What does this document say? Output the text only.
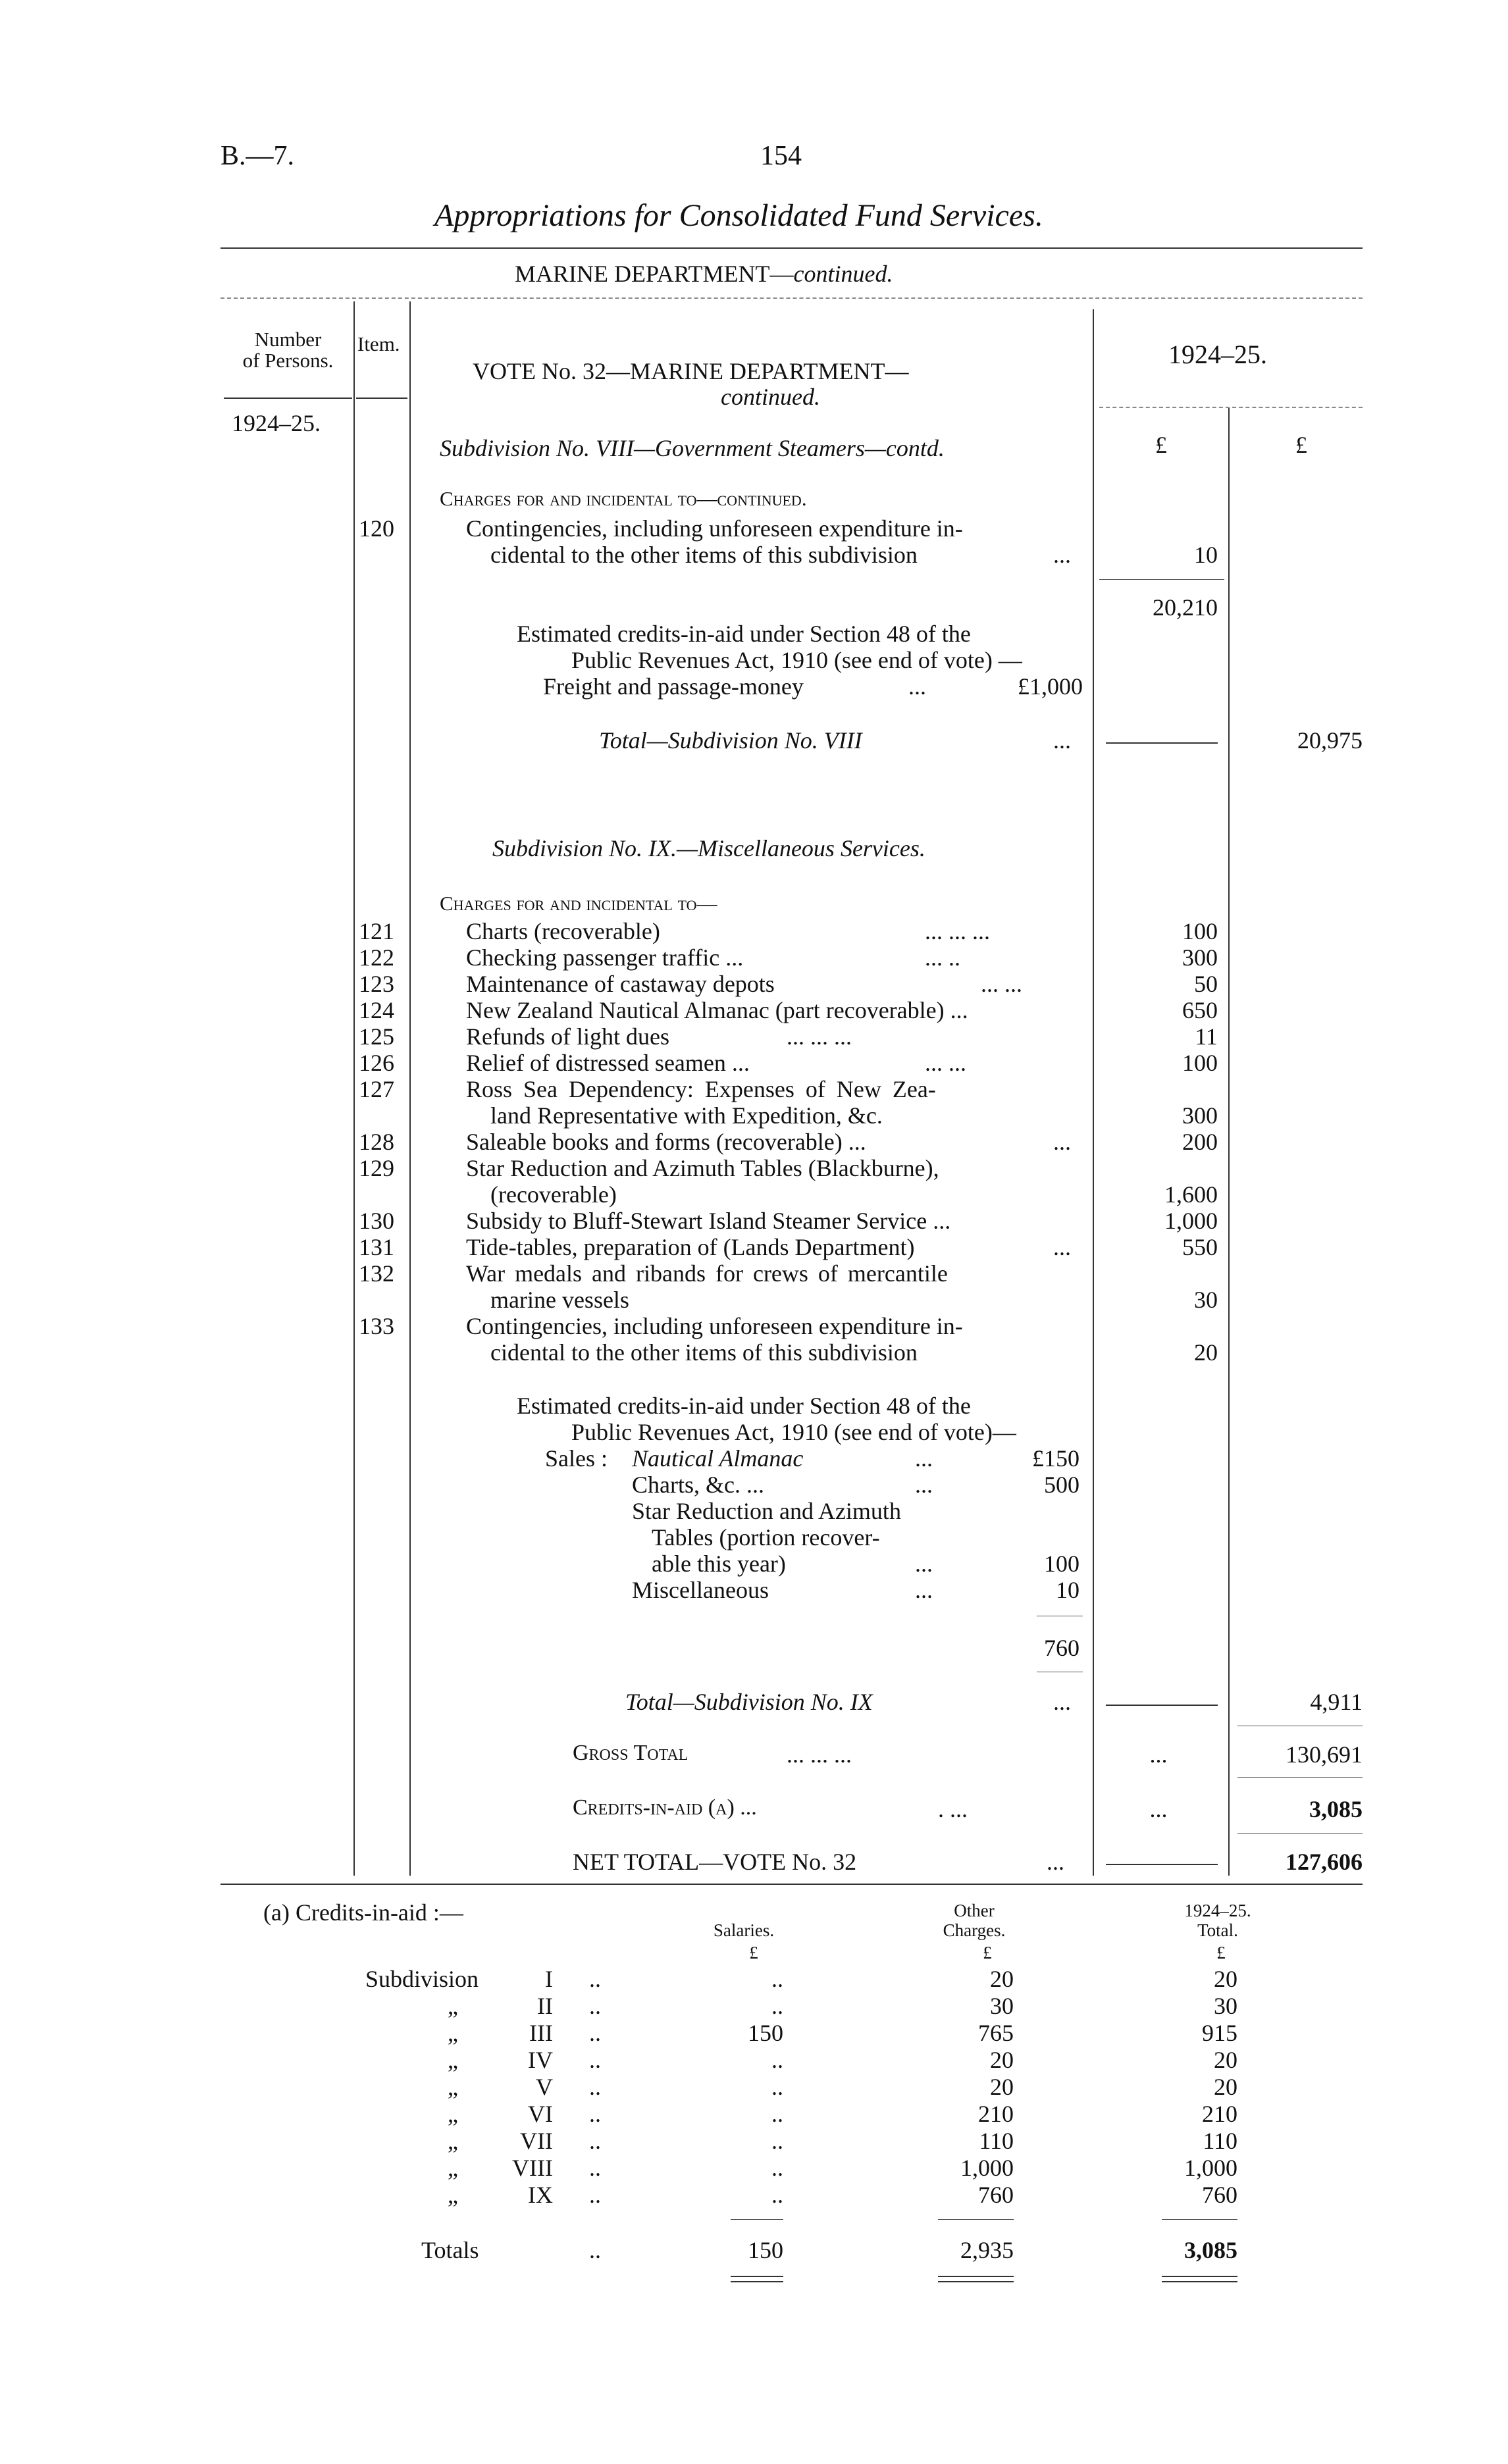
B.—7.	154
Appropriations for Consolidated Fund Services.
MARINE DEPARTMENT—continued.
Number
of Persons.
Item.
1924–25.
1924–25.
£	£
VOTE No. 32—MARINE DEPARTMENT—
continued.
Subdivision No. VIII—Government Steamers—contd.
Charges for and incidental to—continued.
120	Contingencies, including unforeseen expenditure in-
cidental to the other items of this subdivision	...	10
20,210
Estimated credits-in-aid under Section 48 of the
Public Revenues Act, 1910 (see end of vote) —
Freight and passage-money	...	£1,000
Total—Subdivision No. VIII	...	20,975
Subdivision No. IX.—Miscellaneous Services.
Charges for and incidental to—
121	Charts (recoverable)	... ... ...	100
122	Checking passenger traffic ...	... ..	300
123	Maintenance of castaway depots	... ...	50
124	New Zealand Nautical Almanac (part recoverable) ...	650
125	Refunds of light dues	... ... ...	11
126	Relief of distressed seamen ...	... ...	100
127	Ross Sea Dependency: Expenses of New Zea-
land Representative with Expedition, &c.	300
128	Saleable books and forms (recoverable) ...	...	200
129	Star Reduction and Azimuth Tables (Blackburne),
(recoverable)	1,600
130	Subsidy to Bluff-Stewart Island Steamer Service ...	1,000
131	Tide-tables, preparation of (Lands Department)	...	550
132	War medals and ribands for crews of mercantile
marine vessels	30
133	Contingencies, including unforeseen expenditure in-
cidental to the other items of this subdivision	20
Estimated credits-in-aid under Section 48 of the
Public Revenues Act, 1910 (see end of vote)—
Sales : Nautical Almanac	...	£150
Charts, &c. ...	...	500
Star Reduction and Azimuth
Tables (portion recover-
able this year)	...	100
Miscellaneous	...	10
760
Total—Subdivision No. IX	...	4,911
Gross Total	... ... ...	...	130,691
Credits-in-aid (a) ...	. ...	...	3,085
NET TOTAL—VOTE No. 32	...	127,606
(a) Credits-in-aid :—
Salaries.
Other
Charges.
1924–25.
Total.
£	£	£
Subdivision	I ..	..	20	20
„	II ..	..	30	30
„	III ..	150	765	915
„	IV ..	..	20	20
„	V ..	..	20	20
„	VI ..	..	210	210
„	VII ..	..	110	110
„	VIII ..	..	1,000	1,000
„	IX ..	..	760	760
Totals	..	150	2,935	3,085
